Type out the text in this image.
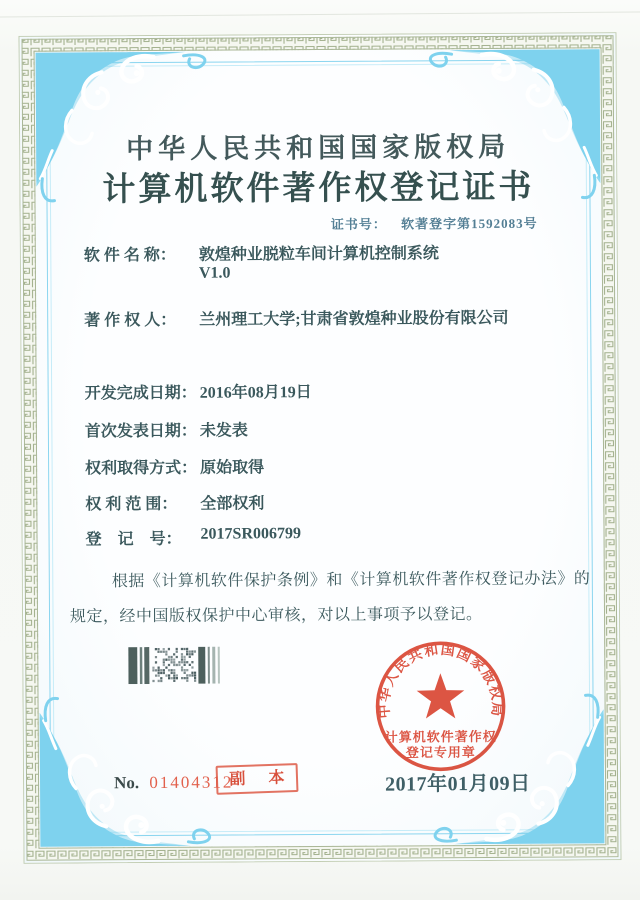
中华人民共和国国家版权局
计算机软件著作权登记证书
证书号： 软著登字第1592083号
软 件 名 称： 敦煌种业脱粒车间计算机控制系统
V1.0
著 作 权 人： 兰州理工大学;甘肃省敦煌种业股份有限公司
开发完成日期： 2016年08月19日
首次发表日期： 未发表
权利取得方式： 原始取得
权 利 范 围： 全部权利
登　记　号： 2017SR006799
根据《计算机软件保护条例》和《计算机软件著作权登记办法》的
规定，经中国版权保护中心审核，对以上事项予以登记。
2017年01月09日
中华人民共和国国家版权局
计算机软件著作权
登记专用章
No. 01404312
副 本
